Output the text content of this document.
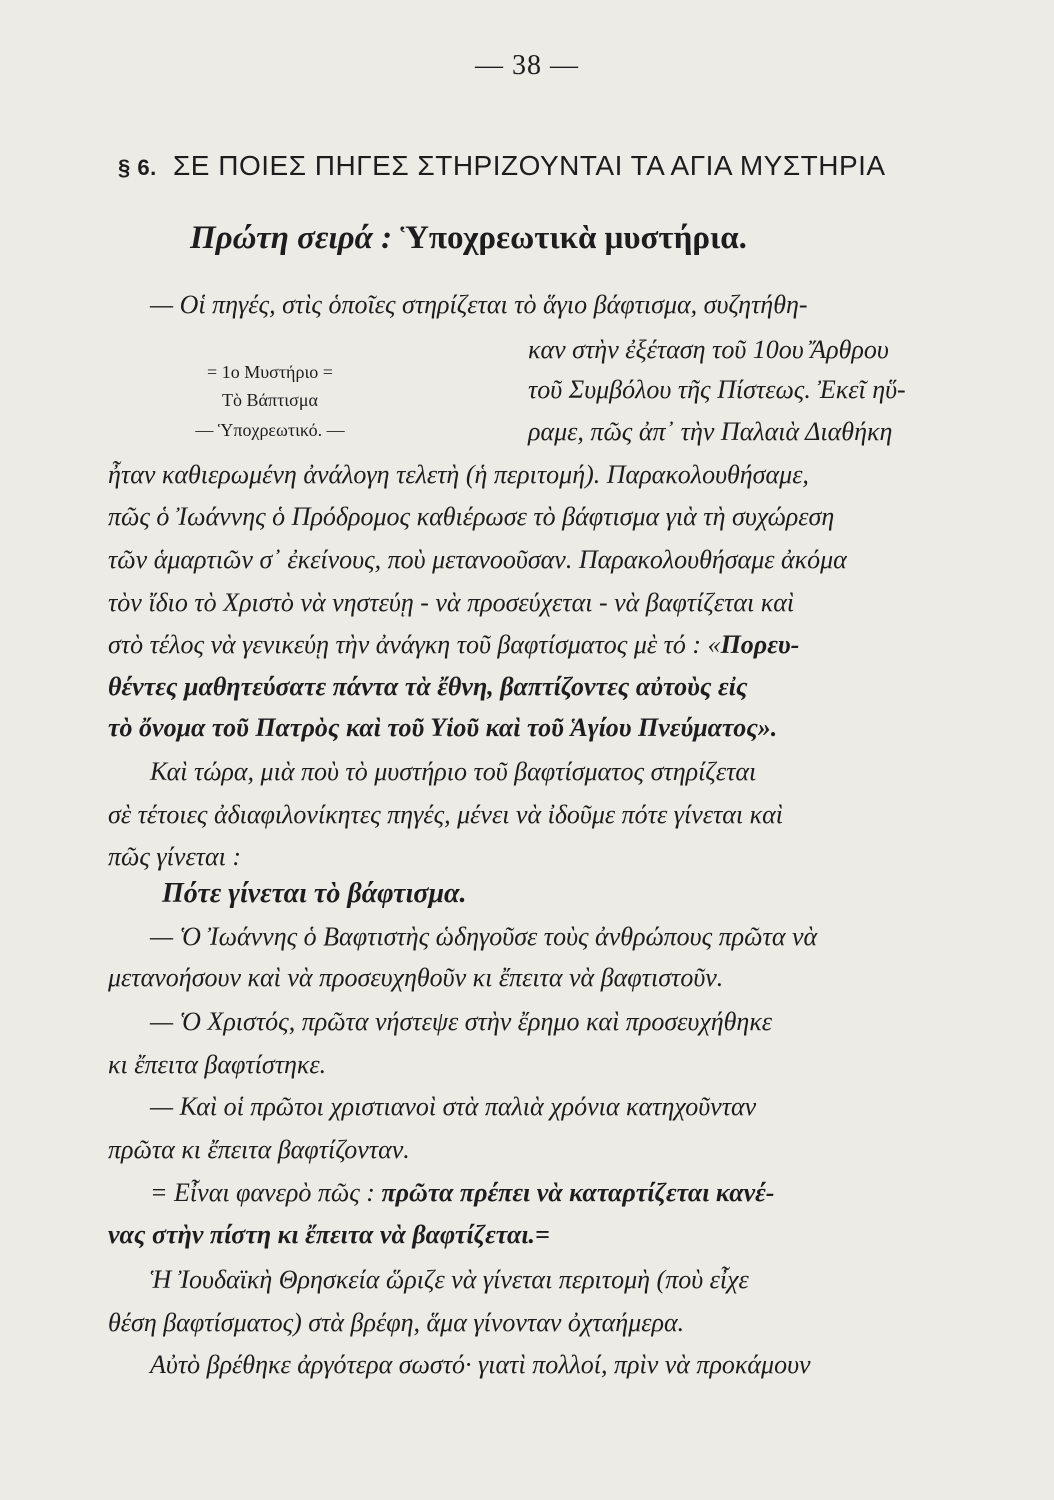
— 38 —
§ 6. ΣΕ ΠΟΙΕΣ ΠΗΓΕΣ ΣΤΗΡΙΖΟΥΝΤΑΙ ΤΑ ΑΓΙΑ ΜΥΣΤΗΡΙΑ
Πρώτη σειρά : Ὑποχρεωτικὰ μυστήρια.
— Οἱ πηγές, στὶς ὁποῖες στηρίζεται τὸ ἅγιο βάφτισμα, συζητήθη-
= 1ο Μυστήριο =
Τὸ Βάπτισμα
— Ὑποχρεωτικό. —
καν στὴν ἐξέταση τοῦ 10ου Ἄρθρου
τοῦ Συμβόλου τῆς Πίστεως. Ἐκεῖ ηὕ-
ραμε, πῶς ἀπ᾿ τὴν Παλαιὰ Διαθήκη
ἦταν καθιερωμένη ἀνάλογη τελετὴ (ἡ περιτομή). Παρακολουθήσαμε,
πῶς ὁ Ἰωάννης ὁ Πρόδρομος καθιέρωσε τὸ βάφτισμα γιὰ τὴ συχώρεση
τῶν ἁμαρτιῶν σ᾿ ἐκείνους, ποὺ μετανοοῦσαν. Παρακολουθήσαμε ἀκόμα
τὸν ἴδιο τὸ Χριστὸ νὰ νηστεύῃ - νὰ προσεύχεται - νὰ βαφτίζεται καὶ
στὸ τέλος νὰ γενικεύῃ τὴν ἀνάγκη τοῦ βαφτίσματος μὲ τό : «Πορευ-
θέντες μαθητεύσατε πάντα τὰ ἔθνη, βαπτίζοντες αὐτοὺς εἰς
τὸ ὄνομα τοῦ Πατρὸς καὶ τοῦ Υἱοῦ καὶ τοῦ Ἁγίου Πνεύματος».
Καὶ τώρα, μιὰ ποὺ τὸ μυστήριο τοῦ βαφτίσματος στηρίζεται
σὲ τέτοιες ἀδιαφιλονίκητες πηγές, μένει νὰ ἰδοῦμε πότε γίνεται καὶ
πῶς γίνεται :
Πότε γίνεται τὸ βάφτισμα.
— Ὁ Ἰωάννης ὁ Βαφτιστὴς ὡδηγοῦσε τοὺς ἀνθρώπους πρῶτα νὰ
μετανοήσουν καὶ νὰ προσευχηθοῦν κι ἔπειτα νὰ βαφτιστοῦν.
— Ὁ Χριστός, πρῶτα νήστεψε στὴν ἔρημο καὶ προσευχήθηκε
κι ἔπειτα βαφτίστηκε.
— Καὶ οἱ πρῶτοι χριστιανοὶ στὰ παλιὰ χρόνια κατηχοῦνταν
πρῶτα κι ἔπειτα βαφτίζονταν.
= Εἶναι φανερὸ πῶς : πρῶτα πρέπει νὰ καταρτίζεται κανέ-
νας στὴν πίστη κι ἔπειτα νὰ βαφτίζεται.=
Ἡ Ἰουδαϊκὴ Θρησκεία ὥριζε νὰ γίνεται περιτομὴ (ποὺ εἶχε
θέση βαφτίσματος) στὰ βρέφη, ἅμα γίνονταν ὀχταήμερα.
Αὐτὸ βρέθηκε ἀργότερα σωστό· γιατὶ πολλοί, πρὶν νὰ προκάμουν
